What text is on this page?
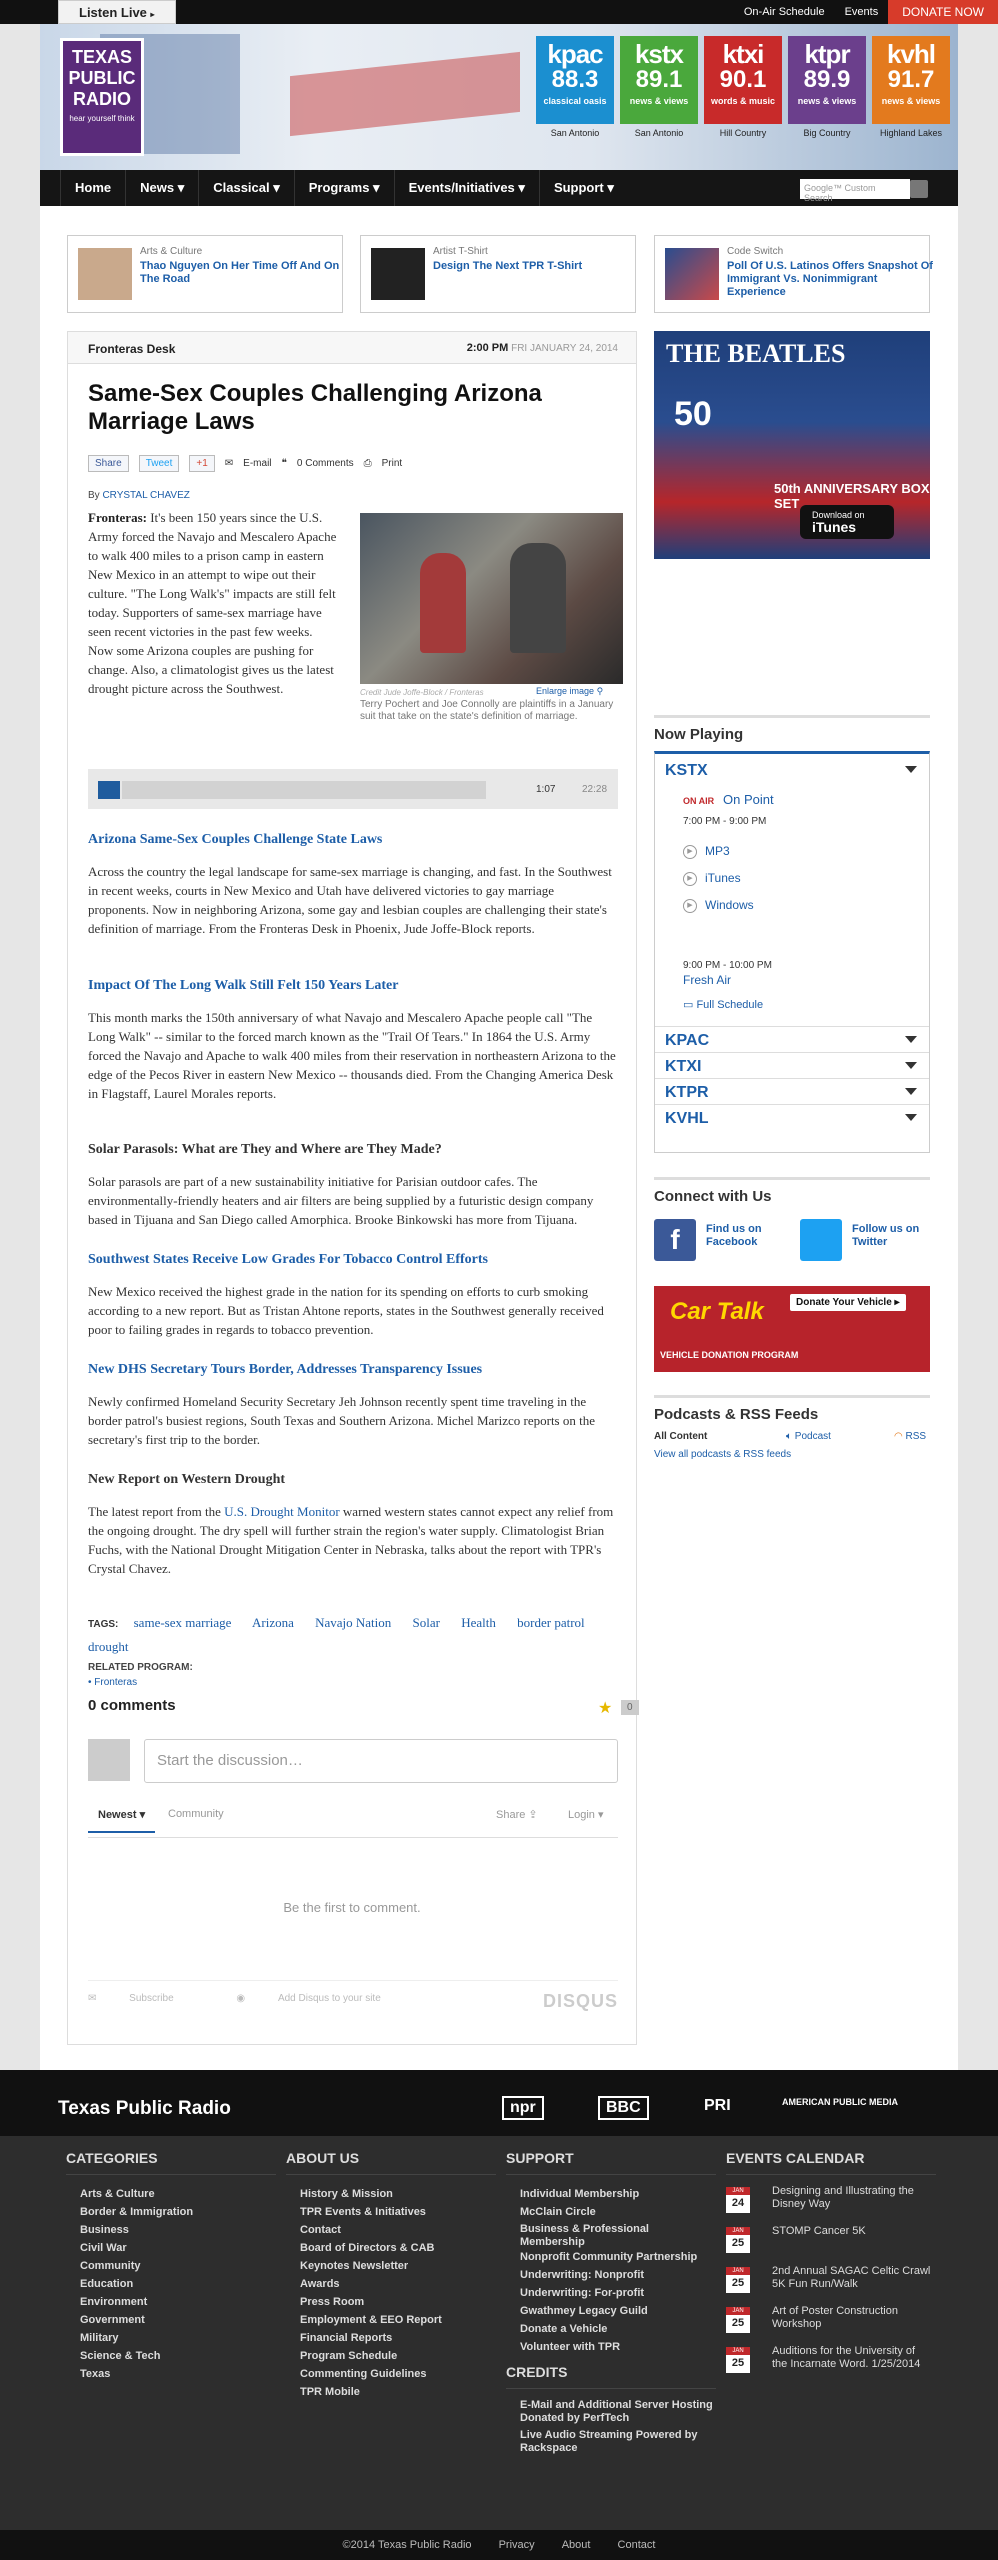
Listen Live ▸	On-Air Schedule	Events	DONATE NOW
TEXAS
PUBLIC
RADIO
hear yourself think
kpac
88.3
classical oasis
San Antonio
kstx
89.1
news & views
San Antonio
ktxi
90.1
words & music
Hill Country
ktpr
89.9
news & views
Big Country
kvhl
91.7
news & views
Highland Lakes
Home	News ▾	Classical ▾	Programs ▾	Events/Initiatives ▾	Support ▾	Google™ Custom Search
Arts & Culture
Thao Nguyen On Her Time Off And On The Road
Artist T-Shirt
Design The Next TPR T-Shirt
Code Switch
Poll Of U.S. Latinos Offers Snapshot Of Immigrant Vs. Nonimmigrant Experience
Fronteras Desk	2:00 PM FRI JANUARY 24, 2014
Same-Sex Couples Challenging Arizona Marriage Laws
Share	Tweet	+1	✉ E-mail ❝ 0 Comments ⎙ Print
By CRYSTAL CHAVEZ
Fronteras: It's been 150 years since the U.S. Army forced the Navajo and Mescalero Apache to walk 400 miles to a prison camp in eastern New Mexico in an attempt to wipe out their culture. "The Long Walk's" impacts are still felt today. Supporters of same-sex marriage have seen recent victories in the past few weeks. Now some Arizona couples are pushing for change. Also, a climatologist gives us the latest drought picture across the Southwest.	Credit Jude Joffe-Block / Fronteras	Enlarge image ⚲
Terry Pochert and Joe Connolly are plaintiffs in a January suit that take on the state's definition of marriage.
1:07	22:28
Arizona Same-Sex Couples Challenge State Laws

Across the country the legal landscape for same-sex marriage is changing, and fast. In the Southwest in recent weeks, courts in New Mexico and Utah have delivered victories to gay marriage proponents. Now in neighboring Arizona, some gay and lesbian couples are challenging their state's definition of marriage. From the Fronteras Desk in Phoenix, Jude Joffe-Block reports.

Impact Of The Long Walk Still Felt 150 Years Later

This month marks the 150th anniversary of what Navajo and Mescalero Apache people call "The Long Walk" -- similar to the forced march known as the "Trail Of Tears." In 1864 the U.S. Army forced the Navajo and Apache to walk 400 miles from their reservation in northeastern Arizona to the edge of the Pecos River in eastern New Mexico -- thousands died. From the Changing America Desk in Flagstaff, Laurel Morales reports.

Solar Parasols: What are They and Where are They Made?

Solar parasols are part of a new sustainability initiative for Parisian outdoor cafes. The environmentally-friendly heaters and air filters are being supplied by a futuristic design company based in Tijuana and San Diego called Amorphica. Brooke Binkowski has more from Tijuana.

Southwest States Receive Low Grades For Tobacco Control Efforts

New Mexico received the highest grade in the nation for its spending on efforts to curb smoking according to a new report. But as Tristan Ahtone reports, states in the Southwest generally received poor to failing grades in regards to tobacco prevention.

New DHS Secretary Tours Border, Addresses Transparency Issues

Newly confirmed Homeland Security Secretary Jeh Johnson recently spent time traveling in the border patrol's busiest regions, South Texas and Southern Arizona. Michel Marizco reports on the secretary's first trip to the border.

New Report on Western Drought

The latest report from the U.S. Drought Monitor warned western states cannot expect any relief from the ongoing drought. The dry spell will further strain the region's water supply. Climatologist Brian Fuchs, with the National Drought Mitigation Center in Nebraska, talks about the report with TPR's Crystal Chavez.

TAGS: same-sex marriage Arizona Navajo Nation Solar Health border patrol drought
RELATED PROGRAM:
• Fronteras
0 comments	★	0
Start the discussion…
Newest ▾	Community	Share ⇪	Login ▾
Be the first to comment.
✉	Subscribe	◉	Add Disqus to your site	DISQUS
THE BEATLES
50
50th ANNIVERSARY BOX SET
Download on
iTunes
Now Playing
KSTX
ON AIR On Point
7:00 PM - 9:00 PM
▶ MP3
▶ iTunes
▶ Windows
9:00 PM - 10:00 PM
Fresh Air
▭ Full Schedule
KPAC
KTXI
KTPR
KVHL
Connect with Us
f	Find us on Facebook
Follow us on Twitter
Car Talk	Donate Your Vehicle ▸
VEHICLE DONATION PROGRAM
Podcasts & RSS Feeds
All Content	🔈︎ Podcast	◠ RSS
View all podcasts & RSS feeds
Texas Public Radio	npr	BBC	PRI	AMERICAN PUBLIC MEDIA
CATEGORIES
Arts & Culture
Border & Immigration
Business
Civil War
Community
Education
Environment
Government
Military
Science & Tech
Texas
ABOUT US
History & Mission
TPR Events & Initiatives
Contact
Board of Directors & CAB
Keynotes Newsletter
Awards
Press Room
Employment & EEO Report
Financial Reports
Program Schedule
Commenting Guidelines
TPR Mobile
SUPPORT
Individual Membership
McClain Circle
Business & Professional Membership
Nonprofit Community Partnership
Underwriting: Nonprofit
Underwriting: For-profit
Gwathmey Legacy Guild
Donate a Vehicle
Volunteer with TPR
CREDITS
E-Mail and Additional Server Hosting Donated by PerfTech
Live Audio Streaming Powered by Rackspace
EVENTS CALENDAR
JAN
24
Designing and Illustrating the Disney Way
JAN
25
STOMP Cancer 5K
JAN
25
2nd Annual SAGAC Celtic Crawl 5K Fun Run/Walk
JAN
25
Art of Poster Construction Workshop
JAN
25
Auditions for the University of the Incarnate Word. 1/25/2014
©2014 Texas Public Radio Privacy About Contact
